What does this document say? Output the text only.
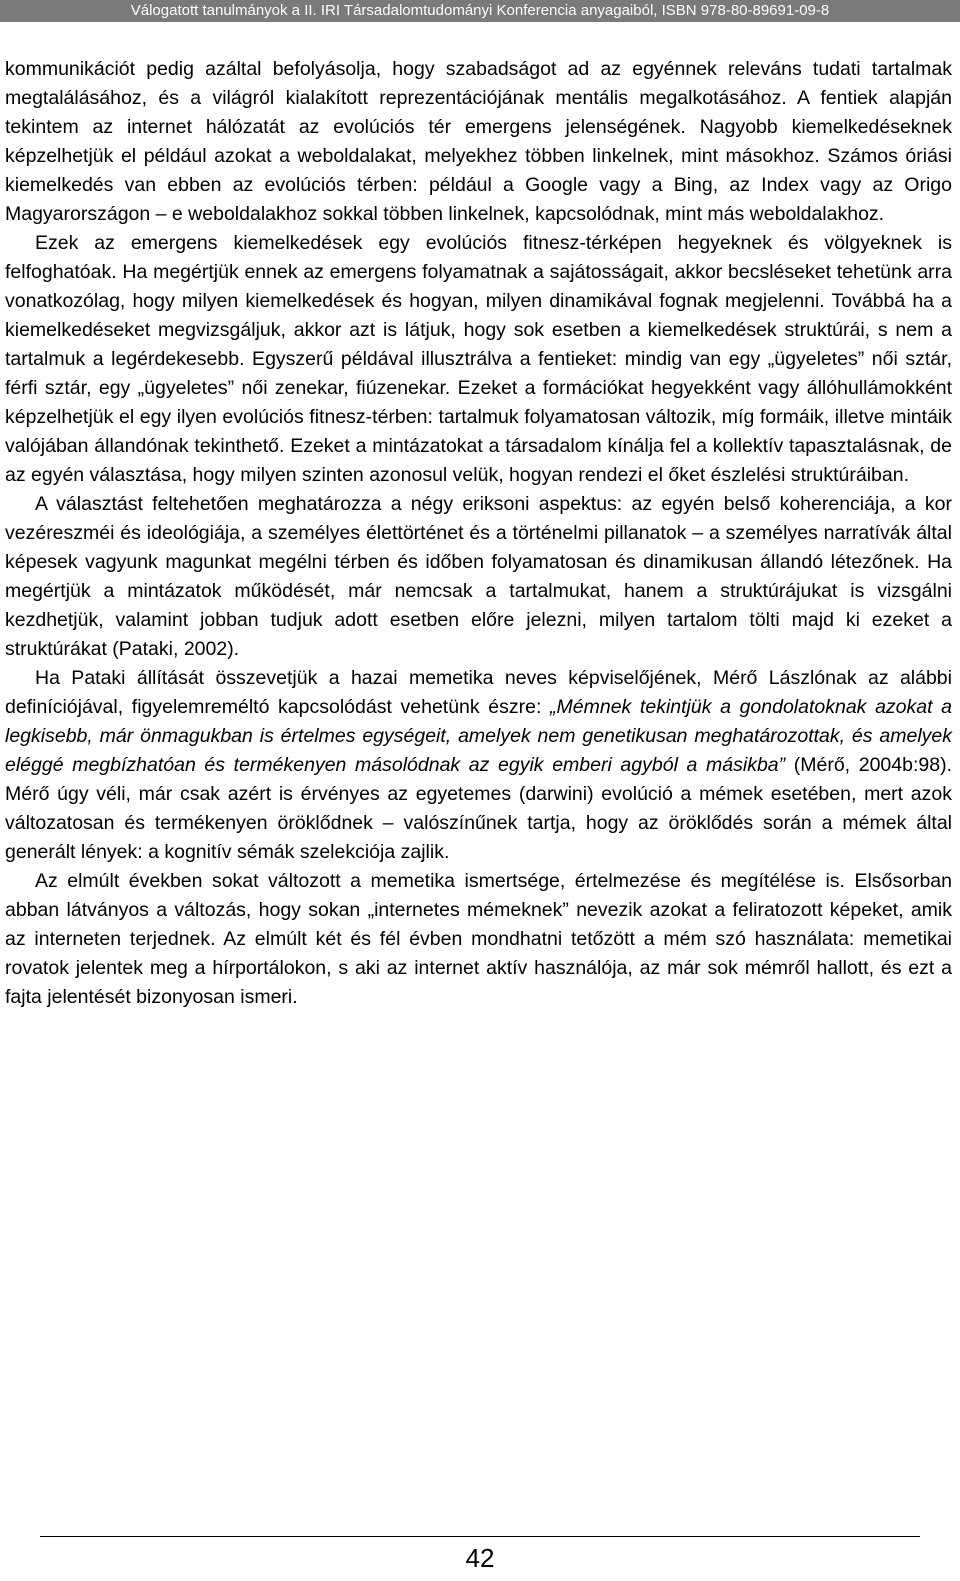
Válogatott tanulmányok a II. IRI Társadalomtudományi Konferencia anyagaiból, ISBN 978-80-89691-09-8

kommunikációt pedig azáltal befolyásolja, hogy szabadságot ad az egyénnek releváns tudati tartalmak megtalálásához, és a világról kialakított reprezentációjának mentális megalkotásához. A fentiek alapján tekintem az internet hálózatát az evolúciós tér emergens jelenségének. Nagyobb kiemelkedéseknek képzelhetjük el például azokat a weboldalakat, melyekhez többen linkelnek, mint másokhoz. Számos óriási kiemelkedés van ebben az evolúciós térben: például a Google vagy a Bing, az Index vagy az Origo Magyarországon – e weboldalakhoz sokkal többen linkelnek, kapcsolódnak, mint más weboldalakhoz.

Ezek az emergens kiemelkedések egy evolúciós fitnesz-térképen hegyeknek és völgyeknek is felfoghatóak. Ha megértjük ennek az emergens folyamatnak a sajátosságait, akkor becsléseket tehetünk arra vonatkozólag, hogy milyen kiemelkedések és hogyan, milyen dinamikával fognak megjelenni. Továbbá ha a kiemelkedéseket megvizsgáljuk, akkor azt is látjuk, hogy sok esetben a kiemelkedések struktúrái, s nem a tartalmuk a legérdekesebb. Egyszerű példával illusztrálva a fentieket: mindig van egy „ügyeletes” női sztár, férfi sztár, egy „ügyeletes” női zenekar, fiúzenekar. Ezeket a formációkat hegyekként vagy állóhullámokként képzelhetjük el egy ilyen evolúciós fitnesz-térben: tartalmuk folyamatosan változik, míg formáik, illetve mintáik valójában állandónak tekinthető. Ezeket a mintázatokat a társadalom kínálja fel a kollektív tapasztalásnak, de az egyén választása, hogy milyen szinten azonosul velük, hogyan rendezi el őket észlelési struktúráiban.

A választást feltehetően meghatározza a négy eriksoni aspektus: az egyén belső koherenciája, a kor vezéreszméi és ideológiája, a személyes élettörténet és a történelmi pillanatok – a személyes narratívák által képesek vagyunk magunkat megélni térben és időben folyamatosan és dinamikusan állandó létezőnek. Ha megértjük a mintázatok működését, már nemcsak a tartalmukat, hanem a struktúrájukat is vizsgálni kezdhetjük, valamint jobban tudjuk adott esetben előre jelezni, milyen tartalom tölti majd ki ezeket a struktúrákat (Pataki, 2002).

Ha Pataki állítását összevetjük a hazai memetika neves képviselőjének, Mérő Lászlónak az alábbi definíciójával, figyelemreméltó kapcsolódást vehetünk észre: „Mémnek tekintjük a gondolatoknak azokat a legkisebb, már önmagukban is értelmes egységeit, amelyek nem genetikusan meghatározottak, és amelyek eléggé megbízhatóan és termékenyen másolódnak az egyik emberi agyból a másikba” (Mérő, 2004b:98). Mérő úgy véli, már csak azért is érvényes az egyetemes (darwini) evolúció a mémek esetében, mert azok változatosan és termékenyen öröklődnek – valószínűnek tartja, hogy az öröklődés során a mémek által generált lények: a kognitív sémák szelekciója zajlik.

Az elmúlt években sokat változott a memetika ismertsége, értelmezése és megítélése is. Elsősorban abban látványos a változás, hogy sokan „internetes mémeknek” nevezik azokat a feliratozott képeket, amik az interneten terjednek. Az elmúlt két és fél évben mondhatni tetőzött a mém szó használata: memetikai rovatok jelentek meg a hírportálokon, s aki az internet aktív használója, az már sok mémről hallott, és ezt a fajta jelentését bizonyosan ismeri.

42
